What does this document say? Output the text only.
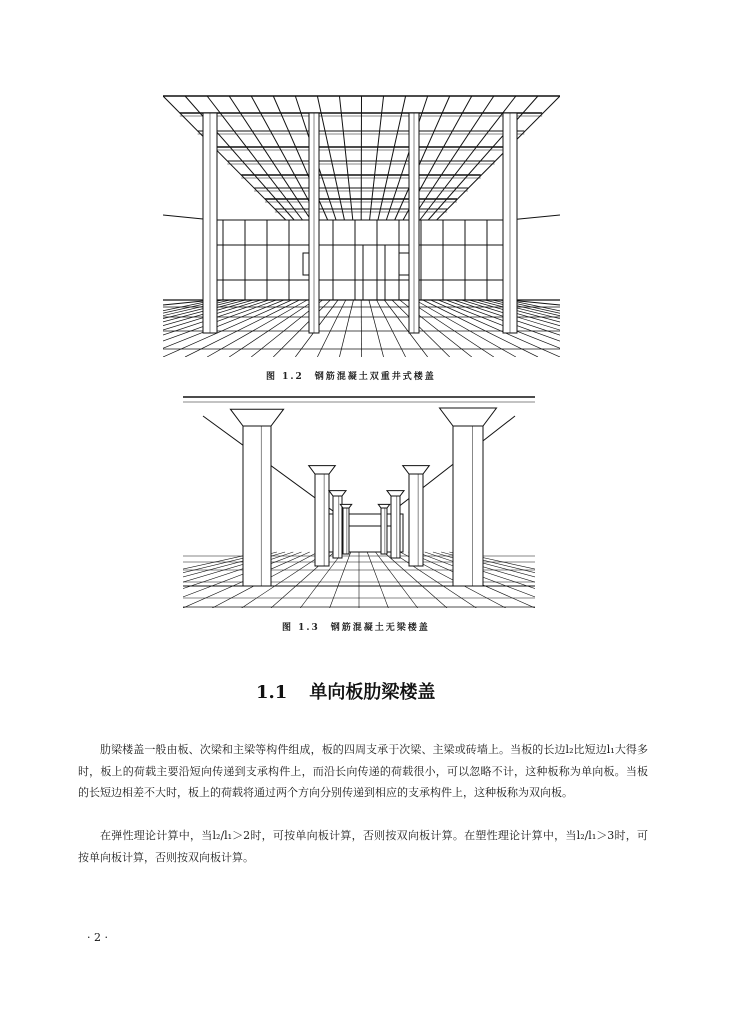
图 1.2　钢筋混凝土双重井式楼盖
图 1.3　钢筋混凝土无梁楼盖
1.1 单向板肋梁楼盖
肋梁楼盖一般由板、次梁和主梁等构件组成，板的四周支承于次梁、主梁或砖墙上。当板的长边l₂比短边l₁大得多时，板上的荷载主要沿短向传递到支承构件上，而沿长向传递的荷载很小，可以忽略不计，这种板称为单向板。当板的长短边相差不大时，板上的荷载将通过两个方向分别传递到相应的支承构件上，这种板称为双向板。
在弹性理论计算中，当l₂/l₁＞2时，可按单向板计算，否则按双向板计算。在塑性理论计算中，当l₂/l₁＞3时，可按单向板计算，否则按双向板计算。
· 2 ·
